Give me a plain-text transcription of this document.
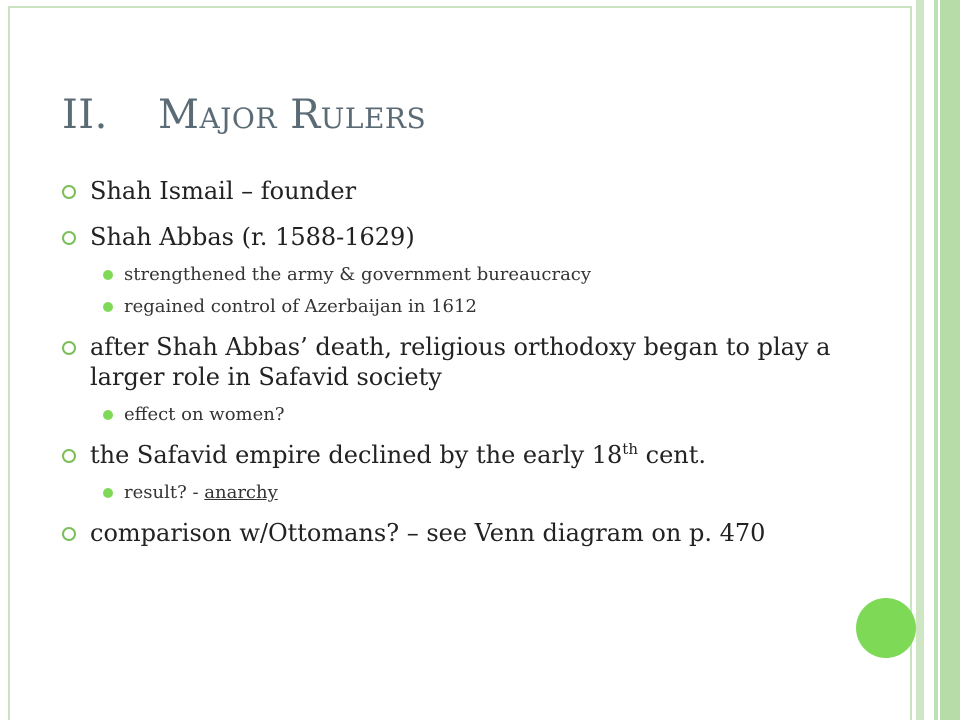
II. Major Rulers
Shah Ismail – founder
Shah Abbas (r. 1588-1629)
strengthened the army & government bureaucracy
regained control of Azerbaijan in 1612
after Shah Abbas’ death, religious orthodoxy began to play a larger role in Safavid society
effect on women?
the Safavid empire declined by the early 18th cent.
result? - anarchy
comparison w/Ottomans? – see Venn diagram on p. 470
